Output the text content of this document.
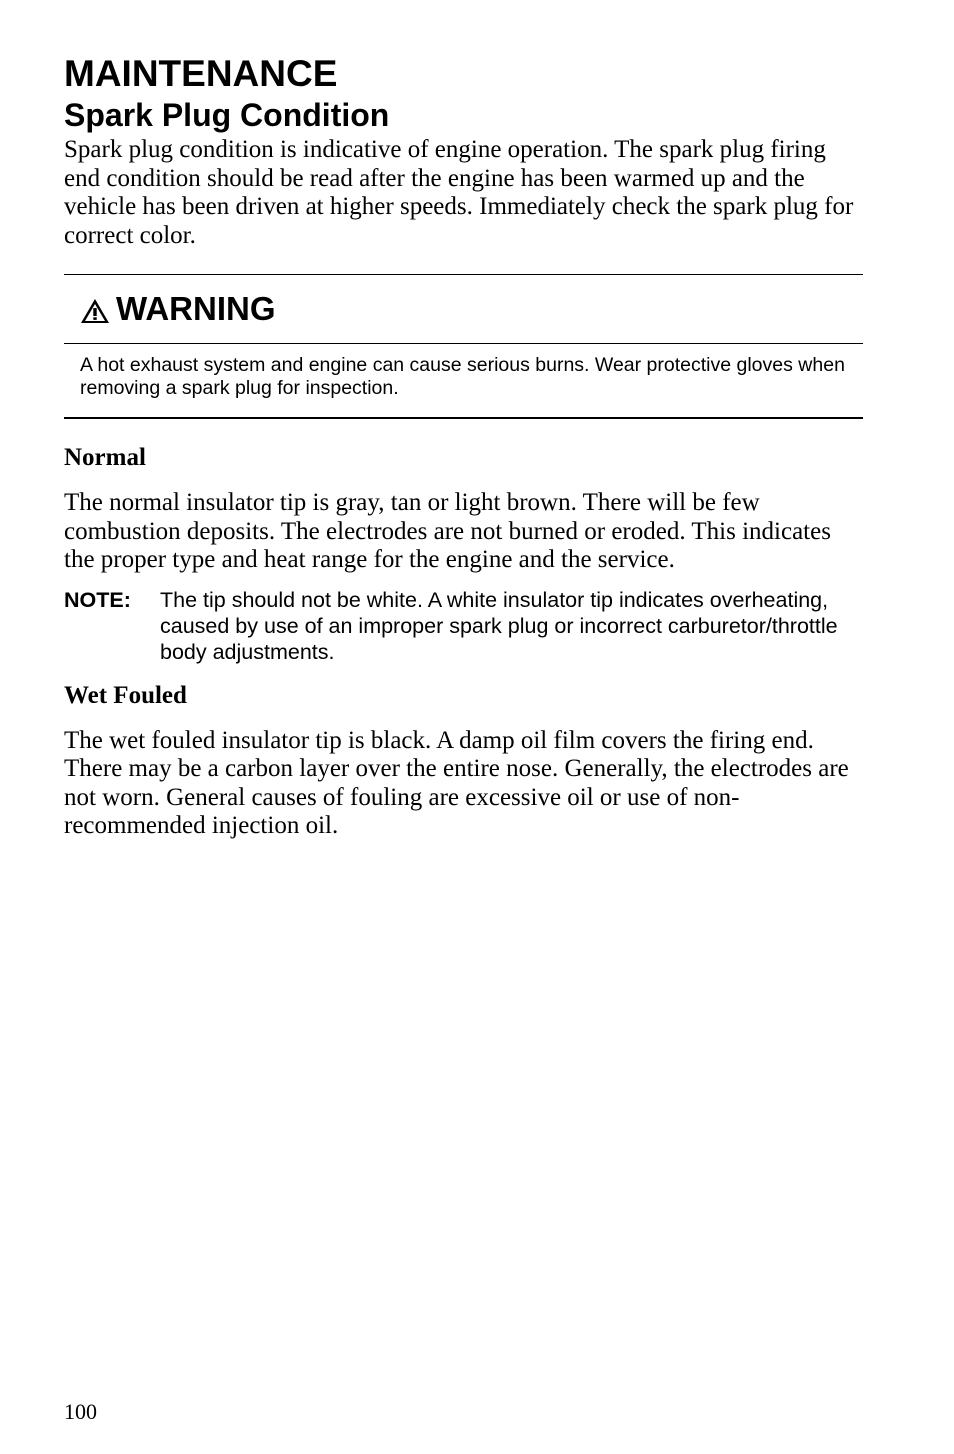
MAINTENANCE
Spark Plug Condition

Spark plug condition is indicative of engine operation. The spark plug firing end condition should be read after the engine has been warmed up and the vehicle has been driven at higher speeds. Immediately check the spark plug for correct color.

WARNING

A hot exhaust system and engine can cause serious burns. Wear protective gloves when removing a spark plug for inspection.

Normal

The normal insulator tip is gray, tan or light brown. There will be few combustion deposits. The electrodes are not burned or eroded. This indicates the proper type and heat range for the engine and the service.

NOTE:	The tip should not be white. A white insulator tip indicates overheating, caused by use of an improper spark plug or incorrect carburetor/throttle body adjustments.

Wet Fouled

The wet fouled insulator tip is black. A damp oil film covers the firing end. There may be a carbon layer over the entire nose. Generally, the electrodes are not worn. General causes of fouling are excessive oil or use of non-recommended injection oil.

100
